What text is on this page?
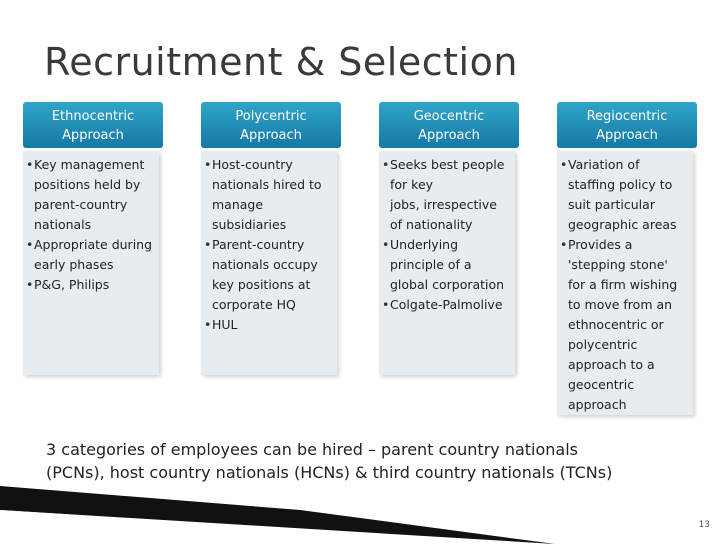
Recruitment & Selection
Ethnocentric
Approach
• Key management
positions held by
parent-country
nationals
• Appropriate during
early phases
• P&G, Philips
Polycentric
Approach
• Host-country
nationals hired to
manage
subsidiaries
• Parent-country
nationals occupy
key positions at
corporate HQ
• HUL
Geocentric
Approach
• Seeks best people
for key
jobs, irrespective
of nationality
• Underlying
principle of a
global corporation
• Colgate-Palmolive
Regiocentric
Approach
• Variation of
staffing policy to
suit particular
geographic areas
• Provides a
'stepping stone'
for a firm wishing
to move from an
ethnocentric or
polycentric
approach to a
geocentric
approach
3 categories of employees can be hired – parent country nationals
(PCNs), host country nationals (HCNs) & third country nationals (TCNs)
13
